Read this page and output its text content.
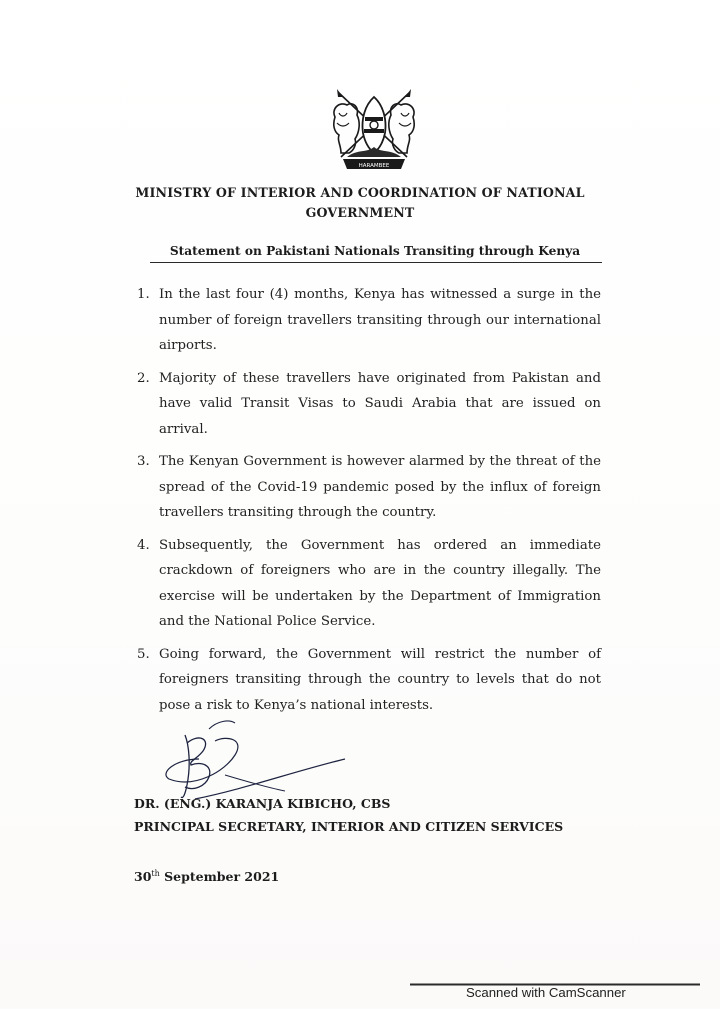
HARAMBEE
MINISTRY OF INTERIOR AND COORDINATION OF NATIONAL
GOVERNMENT
Statement on Pakistani Nationals Transiting through Kenya
1. In the last four (4) months, Kenya has witnessed a surge in the number of foreign travellers transiting through our international airports.
2. Majority of these travellers have originated from Pakistan and have valid Transit Visas to Saudi Arabia that are issued on arrival.
3. The Kenyan Government is however alarmed by the threat of the spread of the Covid-19 pandemic posed by the influx of foreign travellers transiting through the country.
4. Subsequently, the Government has ordered an immediate crackdown of foreigners who are in the country illegally. The exercise will be undertaken by the Department of Immigration and the National Police Service.
5. Going forward, the Government will restrict the number of foreigners transiting through the country to levels that do not pose a risk to Kenya’s national interests.
DR. (ENG.) KARANJA KIBICHO, CBS
PRINCIPAL SECRETARY, INTERIOR AND CITIZEN SERVICES
30th September 2021
Scanned with CamScanner
